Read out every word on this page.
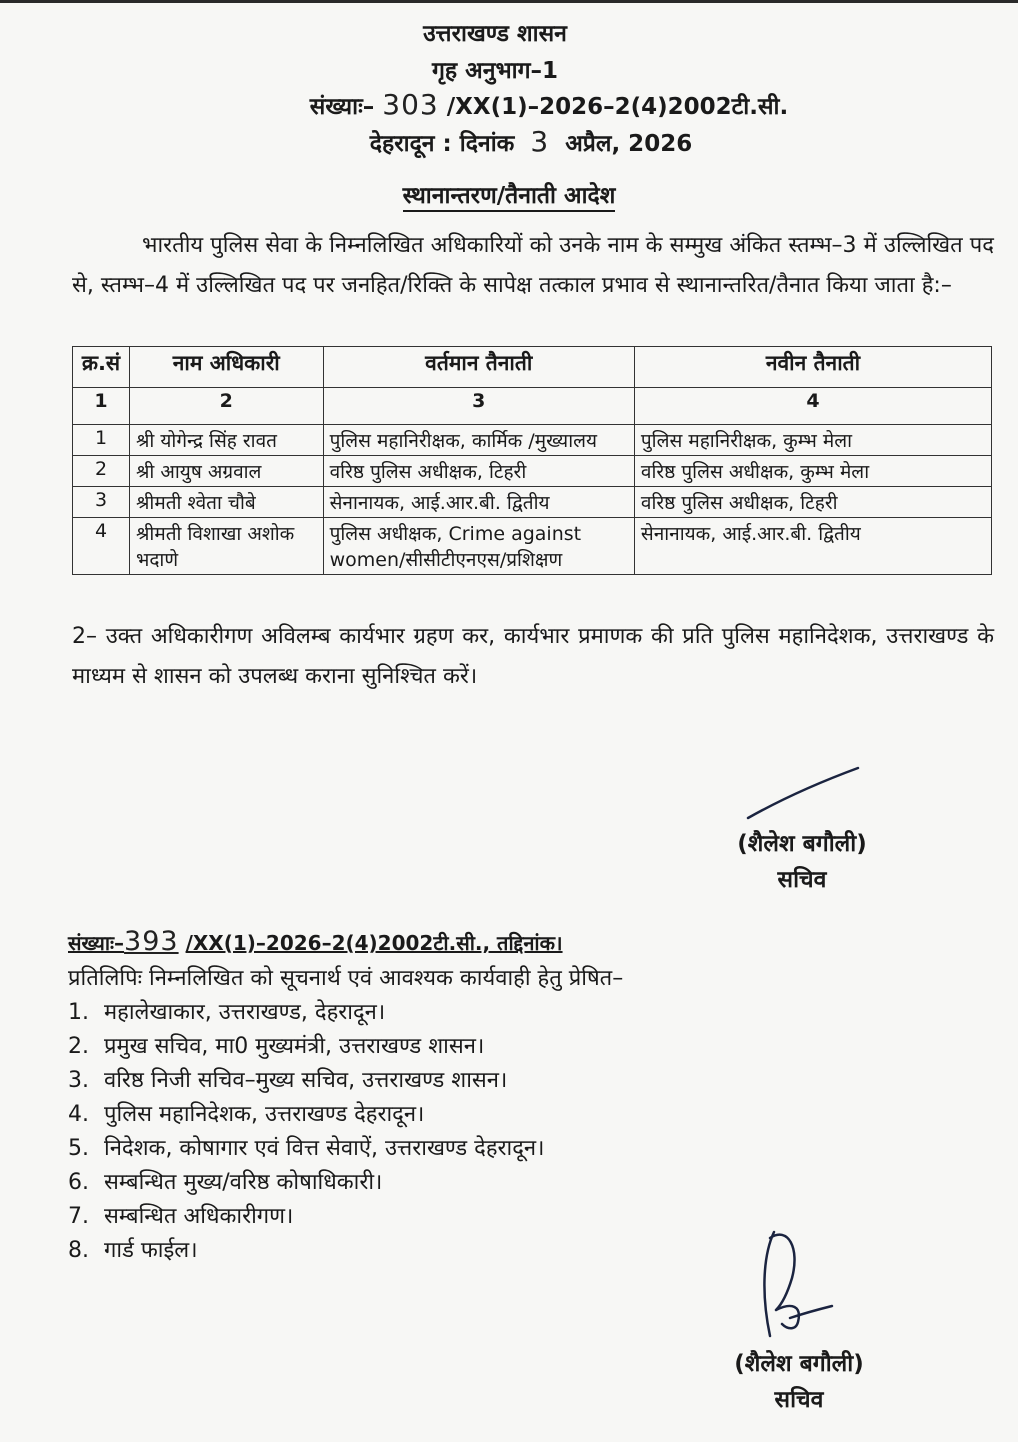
उत्तराखण्ड शासन
गृह अनुभाग–1
संख्याः– 303 /XX(1)–2026–2(4)2002टी.सी.
देहरादून : दिनांक 3 अप्रैल, 2026
स्थानान्तरण/तैनाती आदेश
भारतीय पुलिस सेवा के निम्नलिखित अधिकारियों को उनके नाम के सम्मुख अंकित स्तम्भ–3 में उल्लिखित पद से, स्तम्भ–4 में उल्लिखित पद पर जनहित/रिक्ति के सापेक्ष तत्काल प्रभाव से स्थानान्तरित/तैनात किया जाता है:–
क्र.सं	नाम अधिकारी	वर्तमान तैनाती	नवीन तैनाती
1	2	3	4
1	श्री योगेन्द्र सिंह रावत	पुलिस महानिरीक्षक, कार्मिक /मुख्यालय	पुलिस महानिरीक्षक, कुम्भ मेला
2	श्री आयुष अग्रवाल	वरिष्ठ पुलिस अधीक्षक, टिहरी	वरिष्ठ पुलिस अधीक्षक, कुम्भ मेला
3	श्रीमती श्वेता चौबे	सेनानायक, आई.आर.बी. द्वितीय	वरिष्ठ पुलिस अधीक्षक, टिहरी
4	श्रीमती विशाखा अशोक भदाणे	पुलिस अधीक्षक, Crime against women/सीसीटीएनएस/प्रशिक्षण	सेनानायक, आई.आर.बी. द्वितीय
2– उक्त अधिकारीगण अविलम्ब कार्यभार ग्रहण कर, कार्यभार प्रमाणक की प्रति पुलिस महानिदेशक, उत्तराखण्ड के माध्यम से शासन को उपलब्ध कराना सुनिश्चित करें।
(शैलेश बगौली)
सचिव
संख्याः–393 /XX(1)–2026–2(4)2002टी.सी., तद्दिनांक।
प्रतिलिपिः निम्नलिखित को सूचनार्थ एवं आवश्यक कार्यवाही हेतु प्रेषित–
1. महालेखाकार, उत्तराखण्ड, देहरादून।
2. प्रमुख सचिव, मा0 मुख्यमंत्री, उत्तराखण्ड शासन।
3. वरिष्ठ निजी सचिव–मुख्य सचिव, उत्तराखण्ड शासन।
4. पुलिस महानिदेशक, उत्तराखण्ड देहरादून।
5. निदेशक, कोषागार एवं वित्त सेवाऐं, उत्तराखण्ड देहरादून।
6. सम्बन्धित मुख्य/वरिष्ठ कोषाधिकारी।
7. सम्बन्धित अधिकारीगण।
8. गार्ड फाईल।
(शैलेश बगौली)
सचिव
